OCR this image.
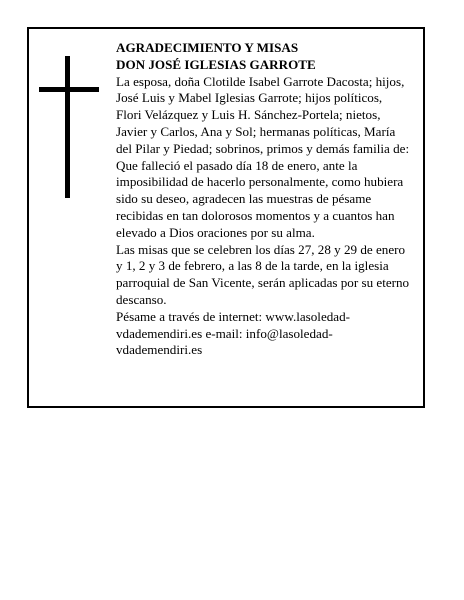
AGRADECIMIENTO Y MISAS
DON JOSÉ IGLESIAS GARROTE

La esposa, doña Clotilde Isabel Garrote Dacosta; hijos,

José Luis y Mabel Iglesias Garrote; hijos políticos,

Flori Velázquez y Luis H. Sánchez-Portela; nietos,

Javier y Carlos, Ana y Sol; hermanas políticas, María

del Pilar y Piedad; sobrinos, primos y demás familia de:

Que falleció el pasado día 18 de enero, ante la

imposibilidad de hacerlo personalmente, como hubiera

sido su deseo, agradecen las muestras de pésame

recibidas en tan dolorosos momentos y a cuantos han

elevado a Dios oraciones por su alma.

Las misas que se celebren los días 27, 28 y 29 de enero

y 1, 2 y 3 de febrero, a las 8 de la tarde, en la iglesia

parroquial de San Vicente, serán aplicadas por su eterno

descanso.

Pésame a través de internet: www.lasoledad-

vdademendiri.es e-mail: info@lasoledad-

vdademendiri.es
